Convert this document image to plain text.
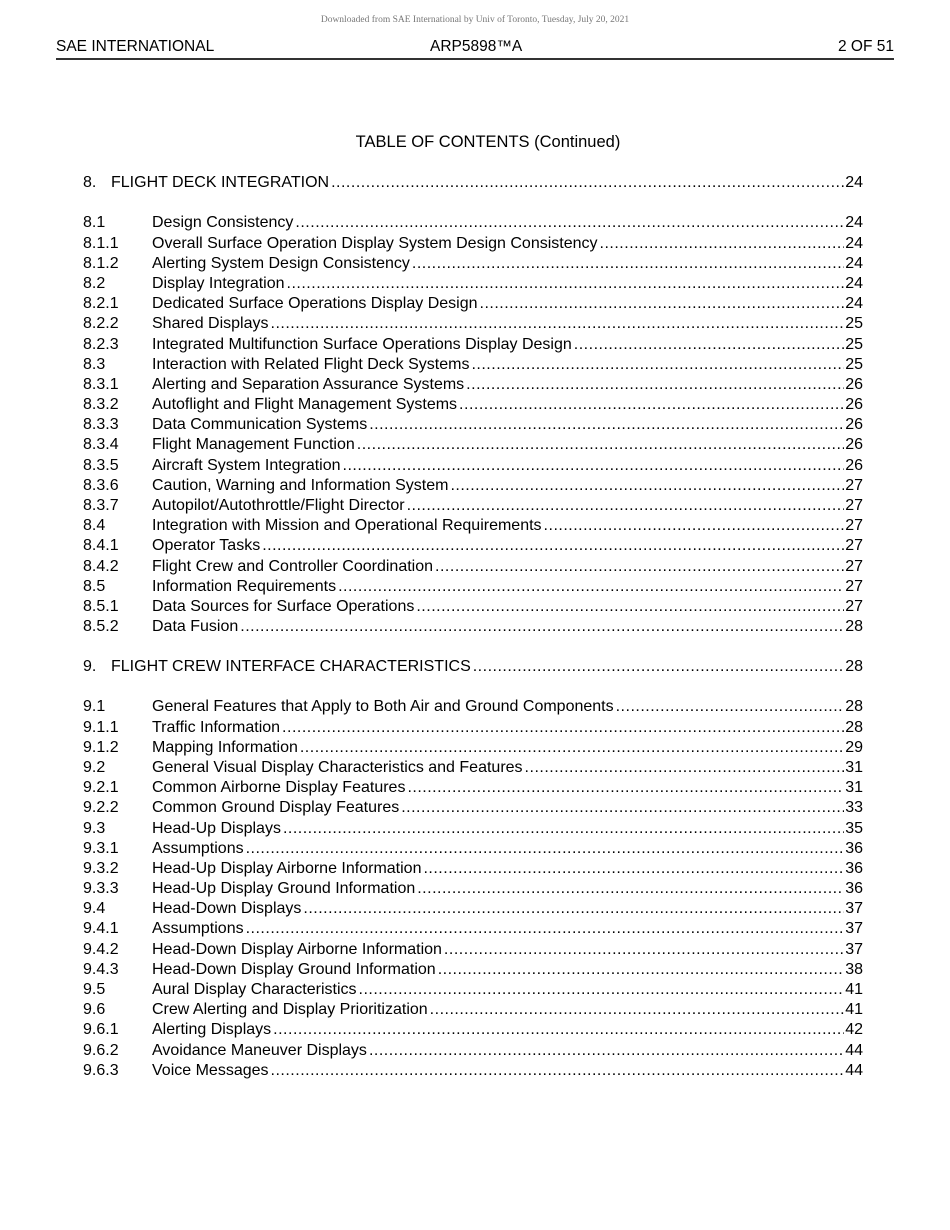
Downloaded from SAE International by Univ of Toronto, Tuesday, July 20, 2021
SAE INTERNATIONAL	ARP5898™A	2 OF 51
TABLE OF CONTENTS (Continued)
8. FLIGHT DECK INTEGRATION .....	24
8.1	Design Consistency .....	24
8.1.1	Overall Surface Operation Display System Design Consistency .....	24
8.1.2	Alerting System Design Consistency .....	24
8.2	Display Integration .....	24
8.2.1	Dedicated Surface Operations Display Design .....	24
8.2.2	Shared Displays .....	25
8.2.3	Integrated Multifunction Surface Operations Display Design .....	25
8.3	Interaction with Related Flight Deck Systems .....	25
8.3.1	Alerting and Separation Assurance Systems .....	26
8.3.2	Autoflight and Flight Management Systems .....	26
8.3.3	Data Communication Systems .....	26
8.3.4	Flight Management Function .....	26
8.3.5	Aircraft System Integration .....	26
8.3.6	Caution, Warning and Information System .....	27
8.3.7	Autopilot/Autothrottle/Flight Director .....	27
8.4	Integration with Mission and Operational Requirements .....	27
8.4.1	Operator Tasks .....	27
8.4.2	Flight Crew and Controller Coordination .....	27
8.5	Information Requirements .....	27
8.5.1	Data Sources for Surface Operations .....	27
8.5.2	Data Fusion .....	28
9. FLIGHT CREW INTERFACE CHARACTERISTICS .....	28
9.1	General Features that Apply to Both Air and Ground Components .....	28
9.1.1	Traffic Information .....	28
9.1.2	Mapping Information .....	29
9.2	General Visual Display Characteristics and Features .....	31
9.2.1	Common Airborne Display Features .....	31
9.2.2	Common Ground Display Features .....	33
9.3	Head-Up Displays .....	35
9.3.1	Assumptions .....	36
9.3.2	Head-Up Display Airborne Information .....	36
9.3.3	Head-Up Display Ground Information .....	36
9.4	Head-Down Displays .....	37
9.4.1	Assumptions .....	37
9.4.2	Head-Down Display Airborne Information .....	37
9.4.3	Head-Down Display Ground Information .....	38
9.5	Aural Display Characteristics .....	41
9.6	Crew Alerting and Display Prioritization .....	41
9.6.1	Alerting Displays .....	42
9.6.2	Avoidance Maneuver Displays .....	44
9.6.3	Voice Messages .....	44
